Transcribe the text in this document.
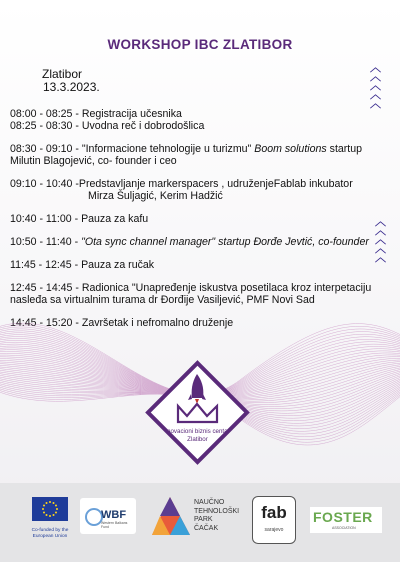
WORKSHOP IBC ZLATIBOR
Zlatibor
13.3.2023.
︿
︿
︿
︿
︿
︿
︿
︿
︿
︿
08:00 - 08:25 - Registracija učesnika
08:25 - 08:30 - Uvodna reč i dobrodošlica
08:30 - 09:10 - "Informacione tehnologije u turizmu" Boom solutions startup
Milutin Blagojević, co- founder i ceo
09:10 - 10:40 -Predstavljanje markerspacers , udruženjeFablab inkubator
Mirza Šuljagić, Kerim Hadžić
10:40 - 11:00 - Pauza za kafu
10:50 - 11:40 - "Ota sync channel manager" startup Đorđe Jevtić, co-founder
11:45 - 12:45 - Pauza za ručak
12:45 - 14:45 - Radionica "Unapređenje iskustva posetilaca kroz interpetaciju
nasleđa sa virtualnim turama dr Đorđije Vasiljević, PMF Novi Sad
14:45 - 15:20 - Završetak i nefromalno druženje
Inovacioni biznis centar
Zlatibor
Co-funded by the European Union
WBF
Western Balkans Fund
NAUČNO
TEHNOLOŠKI
PARK
ČAČAK
fab
sarajevo
FOSTER
ASSOCIATION
